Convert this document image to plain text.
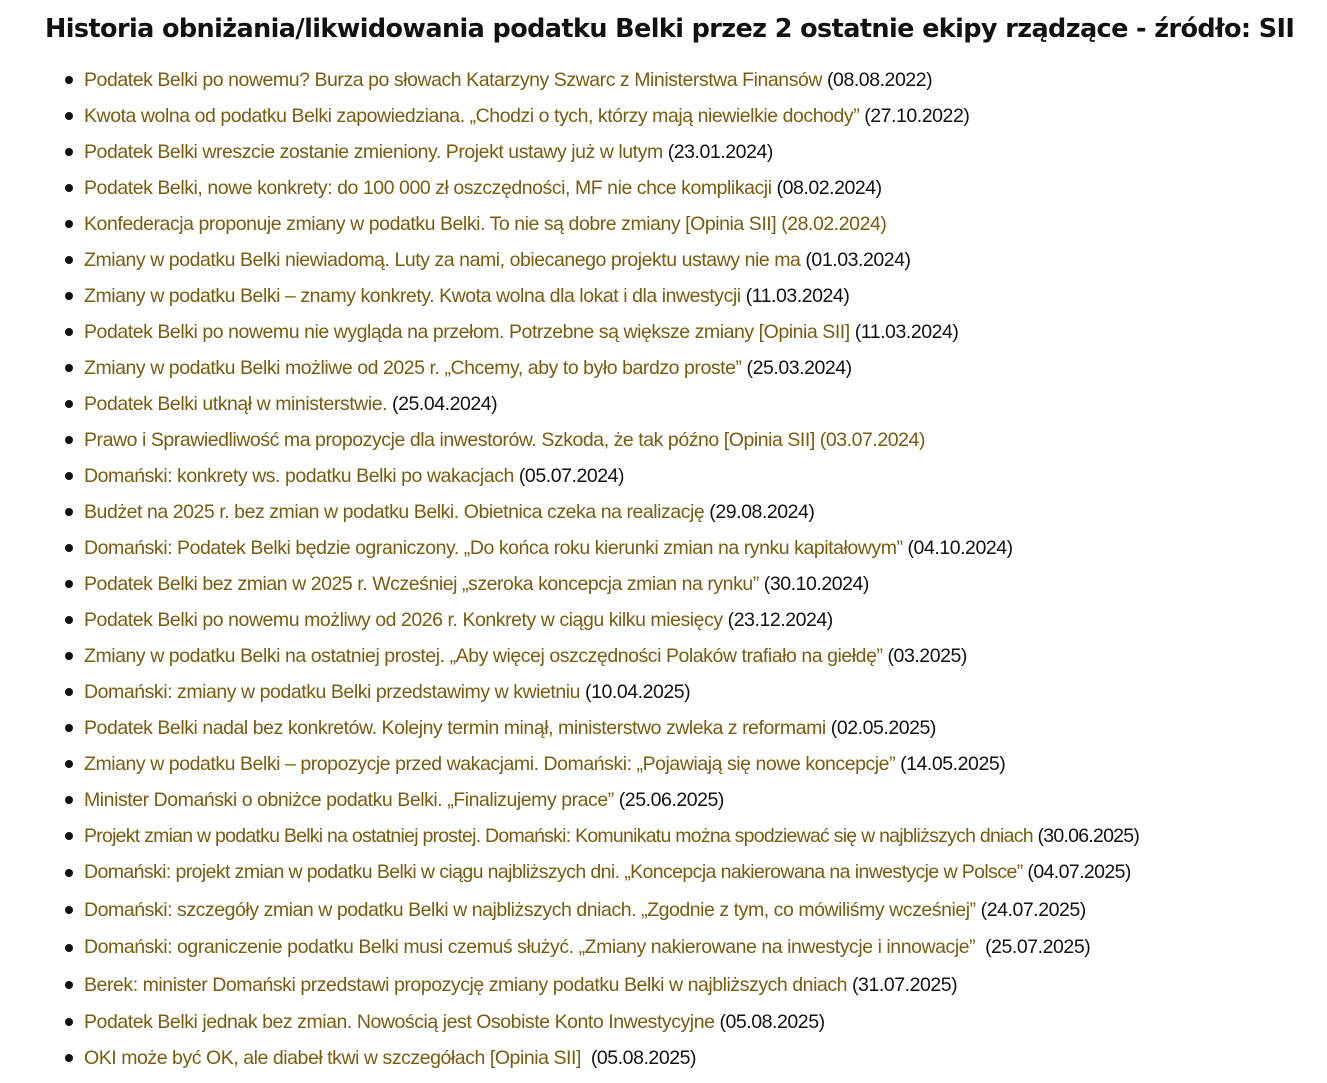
Historia obniżania/likwidowania podatku Belki przez 2 ostatnie ekipy rządzące - źródło: SII
Podatek Belki po nowemu? Burza po słowach Katarzyny Szwarc z Ministerstwa Finansów (08.08.2022)
Kwota wolna od podatku Belki zapowiedziana. „Chodzi o tych, którzy mają niewielkie dochody” (27.10.2022)
Podatek Belki wreszcie zostanie zmieniony. Projekt ustawy już w lutym (23.01.2024)
Podatek Belki, nowe konkrety: do 100 000 zł oszczędności, MF nie chce komplikacji (08.02.2024)
Konfederacja proponuje zmiany w podatku Belki. To nie są dobre zmiany [Opinia SII] (28.02.2024)
Zmiany w podatku Belki niewiadomą. Luty za nami, obiecanego projektu ustawy nie ma (01.03.2024)
Zmiany w podatku Belki – znamy konkrety. Kwota wolna dla lokat i dla inwestycji (11.03.2024)
Podatek Belki po nowemu nie wygląda na przełom. Potrzebne są większe zmiany [Opinia SII] (11.03.2024)
Zmiany w podatku Belki możliwe od 2025 r. „Chcemy, aby to było bardzo proste” (25.03.2024)
Podatek Belki utknął w ministerstwie. (25.04.2024)
Prawo i Sprawiedliwość ma propozycje dla inwestorów. Szkoda, że tak późno [Opinia SII] (03.07.2024)
Domański: konkrety ws. podatku Belki po wakacjach (05.07.2024)
Budżet na 2025 r. bez zmian w podatku Belki. Obietnica czeka na realizację (29.08.2024)
Domański: Podatek Belki będzie ograniczony. „Do końca roku kierunki zmian na rynku kapitałowym” (04.10.2024)
Podatek Belki bez zmian w 2025 r. Wcześniej „szeroka koncepcja zmian na rynku” (30.10.2024)
Podatek Belki po nowemu możliwy od 2026 r. Konkrety w ciągu kilku miesięcy (23.12.2024)
Zmiany w podatku Belki na ostatniej prostej. „Aby więcej oszczędności Polaków trafiało na giełdę” (03.2025)
Domański: zmiany w podatku Belki przedstawimy w kwietniu (10.04.2025)
Podatek Belki nadal bez konkretów. Kolejny termin minął, ministerstwo zwleka z reformami (02.05.2025)
Zmiany w podatku Belki – propozycje przed wakacjami. Domański: „Pojawiają się nowe koncepcje” (14.05.2025)
Minister Domański o obniżce podatku Belki. „Finalizujemy prace” (25.06.2025)
Projekt zmian w podatku Belki na ostatniej prostej. Domański: Komunikatu można spodziewać się w najbliższych dniach (30.06.2025)
Domański: projekt zmian w podatku Belki w ciągu najbliższych dni. „Koncepcja nakierowana na inwestycje w Polsce” (04.07.2025)
Domański: szczegóły zmian w podatku Belki w najbliższych dniach. „Zgodnie z tym, co mówiliśmy wcześniej” (24.07.2025)
Domański: ograniczenie podatku Belki musi czemuś służyć. „Zmiany nakierowane na inwestycje i innowacje”  (25.07.2025)
Berek: minister Domański przedstawi propozycję zmiany podatku Belki w najbliższych dniach (31.07.2025)
Podatek Belki jednak bez zmian. Nowością jest Osobiste Konto Inwestycyjne (05.08.2025)
OKI może być OK, ale diabeł tkwi w szczegółach [Opinia SII]  (05.08.2025)
